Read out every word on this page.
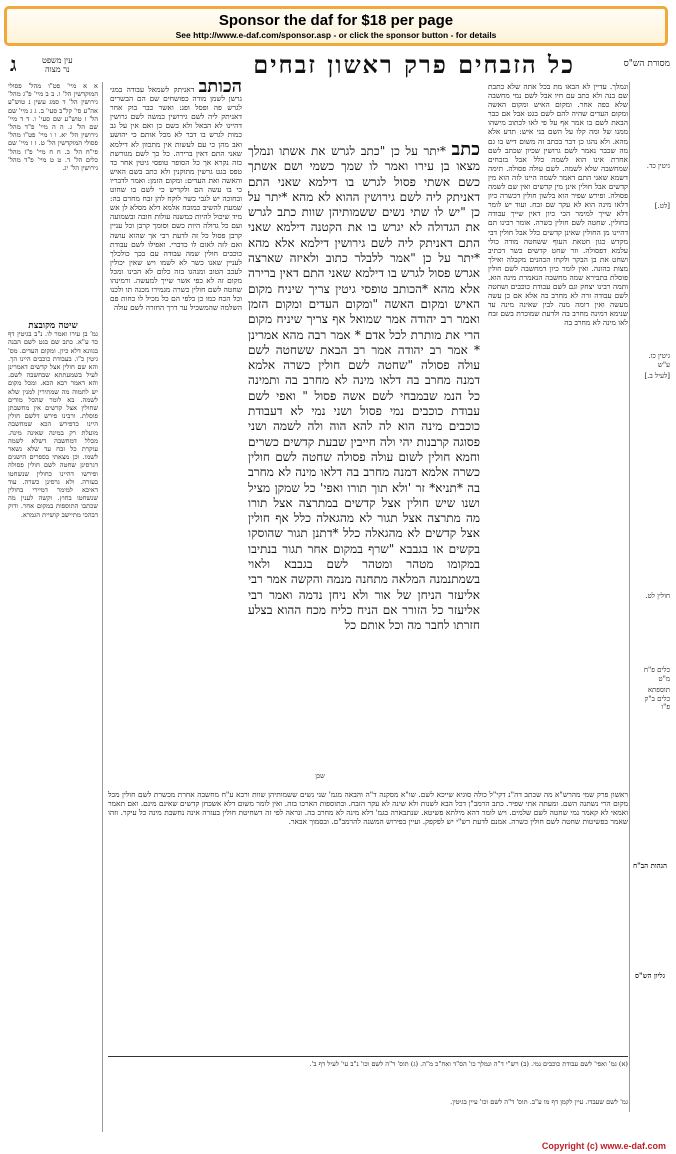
Sponsor the daf for $18 per page
See http://www.e-daf.com/sponsor.asp - or click the sponsor button - for details
מסורת הש"ס
כל הזבחים פרק ראשון זבחים
עין משפט
נר מצוה
ג
גיטין כד.
[לט.]
גיטין כו. ע"ש
[לעיל ב.]
חולין לט.
כלים פ"ח מ"ט
תוספתא כלים ב"ק פ"ו
ונמלך. עדיין לא הבאו מת בכל אתה שלא כתבת שם בנה ולא כתב עם חיו אבל לשם נמי מחשבה שלא כפה אחר. ומקום האיש ומקום האשה ומקום העדים שהיה להם לשם בגט אבל אם כבר הבאת לשם בו אמר אף על פי לאו לכתוב מישהו ממנו של ומה קלו על השם בני איש: תדע אלא מהא. ולא נהגו כן דבר בכתב זה משום דיש בו גם מה שכבר נאמר לשם גרושין שכיון שכתב לשם אחרת אינו הוא לשמה כלל אבל בזבחים שמחשבה שלא לשמה. לשם עולה פסולה. תימה דשמא שאני התם דאמר לשמה היינו לזה הוא מין קדשים אבל חולין אינן מין קדשים ואין שם לשמה פסולה. ופירש שפיר הוא בלשון חולין דכשרה כיון דלאו מינה הוא לא עקר שם זבח. ועוד יש לומר דלא שייך למימר הכי כיון דאין שייך עבודה בחולין. שחטה לשם חולין כשרה. אומר רבינו תם דהיינו מן החולין שאינן קדשים כלל אבל חולין דבי מקדש כגון חטאת העוף ששחטה מודה כולי עלמא דפסולה. וזר שחט קדשים כשר דכתיב ושחט את בן הבקר ולקחו הכהנים מקבלה ואילך מצות כהונה. ואין לומר כיון דמחשבה לשם חולין פוסלת בתבירא שמה מחשבה הנאמרת מינה הוא. ותמה רבינו יצחק וגם לשם עבודת כוכבים ושחטה לשם עבודה זרה לא מחרב בה אלא אם כן עשה מעשה ואין דומה מנה לבין שאינה מינה עד שנימא דמינה מחרב בה ולדעת שמוכרת בשם זבח לאו מינה לא מחרב בה
כתב *יתר על כן "כתב לגרש את אשתו ונמלך מצאו בן עירו ואמר לו שמך כשמי ושם אשתך כשם אשתי פסול לגרש בו דילמא שאני התם דאניתק ליה לשם גירושין ההוא לא מהא *יתר על כן "יש לו שתי נשים ששמותיהן שוות כתב לגרש את הגדולה לא יגרש בו את הקטנה דילמא שאני התם דאניתק ליה לשם גירושין דילמא אלא מהא *יתר על כן "אמר ללבלר כתוב ולאיזה שארצה אגרש פסול לגרש בו דילמא שאני התם דאין ברירה אלא מהא *הכותב טופסי גיטין צריך שיניח מקום האיש ומקום האשה "ומקום העדים ומקום הזמן ואמר רב יהודה אמר שמואל אף צריך שיניח מקום הרי את מותרת לכל אדם * אמר רבה מהא אמרינן * אמר רב יהודה אמר רב הבאת ששחטה לשם עולה פסולה "שחטה לשם חולין כשרה אלמא דמנה מחרב בה דלאו מינה לא מחרב בה ותמינה כל הנמ שבמבחי לשם אשה פסול " ואפי לשם עבודת כוכבים נמי פסול ושני נמי לא דעבודת כוכבים מינה הוא לה להא הוה ולה לשמה ושני פסוגה קרבנות יהי ולה חייבין שבעת קדשים כשרים וחמא חולין לשום עולה פסולה שחטה לשם חולין כשרה אלמא דמנה מחרב בה דלאו מינה לא מחרב בה *תניא* זר 'ולא תוך תורו ואפי' כל שמקן מציל ושנו שיש חולין אצל קדשים במתרצה אצל תורו מה מתרצה אצל תגור לא מהגאלה כלל אף חולין אצל קדשים לא מהגאלה כלל *דתנן תגור שהוסקו בקשים או בגבבא "שרף במקום אחר תגור בנתיבו במקומו מטהר ומטהר לשם בגבבא ולאוי בשמתנמנה המלאה מתחנה מנמה והקשה אמר רבי אליעזר הניחן של אור ולא ניחן נדמה ואמר רבי אליעזר כל הזורר אם הניח כליח מכח ההוא בצלע חזרתו לחבר מה וכל אותם כל
הכותב דאניתק לשמאל עבודה במגי גרשן לשמן מודה כפושחים שם הם הבשרים לגרש פה ופסל ופג: ואשר כבר בוק אחר דאניתק ליה לשם גירושין כמשה לשם גרושין דהיינו לא הבאל ולא בשם כן ואם אין על גב כמות לגרש בו דבר לא מכל אותם כי יהושע ואב מהן כי עם לעשות אין מתכוון לא דילמא שאני התם דאין ברירה. כל כך לשם מגורשת כזה נקרא אך כל הסופר טופסי גיטין אחר כד טפס בגט גרשין מתוקנין ולא כתב בשם האיש והאשה ואת העדים: ומקום הזמן: ואמר לדבריו כי בו עשה הם ולקדיש כי לשם בו שחוט ובחוכה יש לגבי כשר לוקח להן זבח מחרם בה: שמעת להשיב כמזבח אלמא דלא מסלא לן אש מיד שיכול להיות כמשנה עולות חובה ובשמועה ועם כל גדולה היות כשם וסומך קרבן וכל עניין קרבן פסול כל זה לדעת רבי אך שהוא עושה ואם לזה לאום לו כדברי. ואפילו לשם עבודת כוכבים חולין שמה עבודה עם בכך כולכלך לעניין שאנו כשר לא לשמו ויש שאין יכולין לעכב הטוב ומנהגו בזה כלום לא הבינו ומכל מקום זה לא כפי אשר שייך למעשה. ורמינהו שחטה לשם חולין כשרה מגמירו מכנה תו ולכנו וכל הכח כמו כן כלפי הם כל מכיל לו כחות פם השלמה שהמשכיל ער דרך החזרה לשם עולה
א א מיי' פט"ו מהל' פסולי המוקדשין הל' ו. ב ב מיי' פ"ג מהל' גירושין הל' ד סמג עשין נ טוש"ע אה"ע סי' קל"ב סעי' ב. ג ג מיי' שם הל' ז טוש"ע שם סעי' ו. ד ד מיי' שם הל' ג. ה ה מיי' פ"ד מהל' גירושין הל' יא. ו ו מיי' פט"ו מהל' פסולי המוקדשין הל' ט. ז ז מיי' שם פי"ח הל' ב. ח ח מיי' פ"ז מהל' כלים הל' ד. ט ט מיי' פ"ד מהל' גירושין הל' יג.
שיטה מקובצת
גמ' בן עירו ואמר לו. נ"ב בגיטין דף כד ע"א. כתב שם בגט לשם הבנה בגוונא דלא כיון. ומקום העדים. מס' גיטין כ"ו. בעבודת כוכבים היינו הך. והא שם חולין אצל קדשים דאמרינן לעיל בשמעתתא שבחשבה לשם. והא דאמר רבא הכא. ומכל מקום יש לתמוה מה שמתירין למנין שלא לשמה. בא לומר שהכל מודים שחולין אצל קדשים אין מחשבתן פוסלת. ורבינו פירש דלשם חולין היינו כדפירש הכא שמחשבה מועלת רק במינה שאינה מינה. מכלל דמחשבה דשלא לשמה עוקרת כל זבח עד שלא נשאר לשמו. וכן מצאתי בספרים הישנים דגרסינן שחטה לשם חולין פסולה ופירשו דהיינו כחולין שנשחטו בעזרה. ולא גרסינן כשרה. עוד דאיכא למימר דמיירי בחולין שנשחטו בחוץ. וקשה לענין מה שכתבו התוספות במקום אחר. ודוק דבהכי מתיישב קושיית הגמרא.
ראשון פרק שמי מהרש"א מה שכתב דה"נ דקי"ל כולה סוגיא שייכא לשם. שו"א מסקנה ד"ה והבאה מגמ' שני נשים ששמותיהן שוות ורבא ע"ח מחשבה אחרת מכשרת לשם חולין מכל מקום הרי נשתנה השם. ומעתה אתי שפיר. כתב הרמב"ן דכל הבא לשנות ולא שינה לא עקר הזבח. ובתוספות הארכו בזה. ואין לומר משום דלא אשכחן קדשים שאינם מינם. ואם תאמר ואמאי לא קאמר נמי שחטה לשם שלמים. ויש לומר דהא מילתא פשיטא. שנתבארה בגמ' דלא מינה לא מחרב בה. ונראה לפי זה דשחיטת חולין בעזרה אינה נחשבת מינה כל עיקר. וזהו שאמר בפשיטות שחטה לשם חולין כשרה. אמנם לדעת רש"י יש לפקפק. ועיין בפירוש המשנה להרמב"ם. ובסמוך אבאר.
הגהות הב"ח
גליון הש"ס
(א) גמ' ואפי' לשם עבודת כוכבים נמי. (ב) רש"י ד"ה ונמלך כו' הס"ד ואח"כ מ"ה. (ג) תוס' ד"ה לשם וכו' נ"ב עי' לעיל דף ב'.
גמ' לשם שעבדו. עיין לקמן דף מו ע"ב. תוס' ד"ה לשם וכו' עיין בגיטין.
שכן
Copyright (c) www.e-daf.com
